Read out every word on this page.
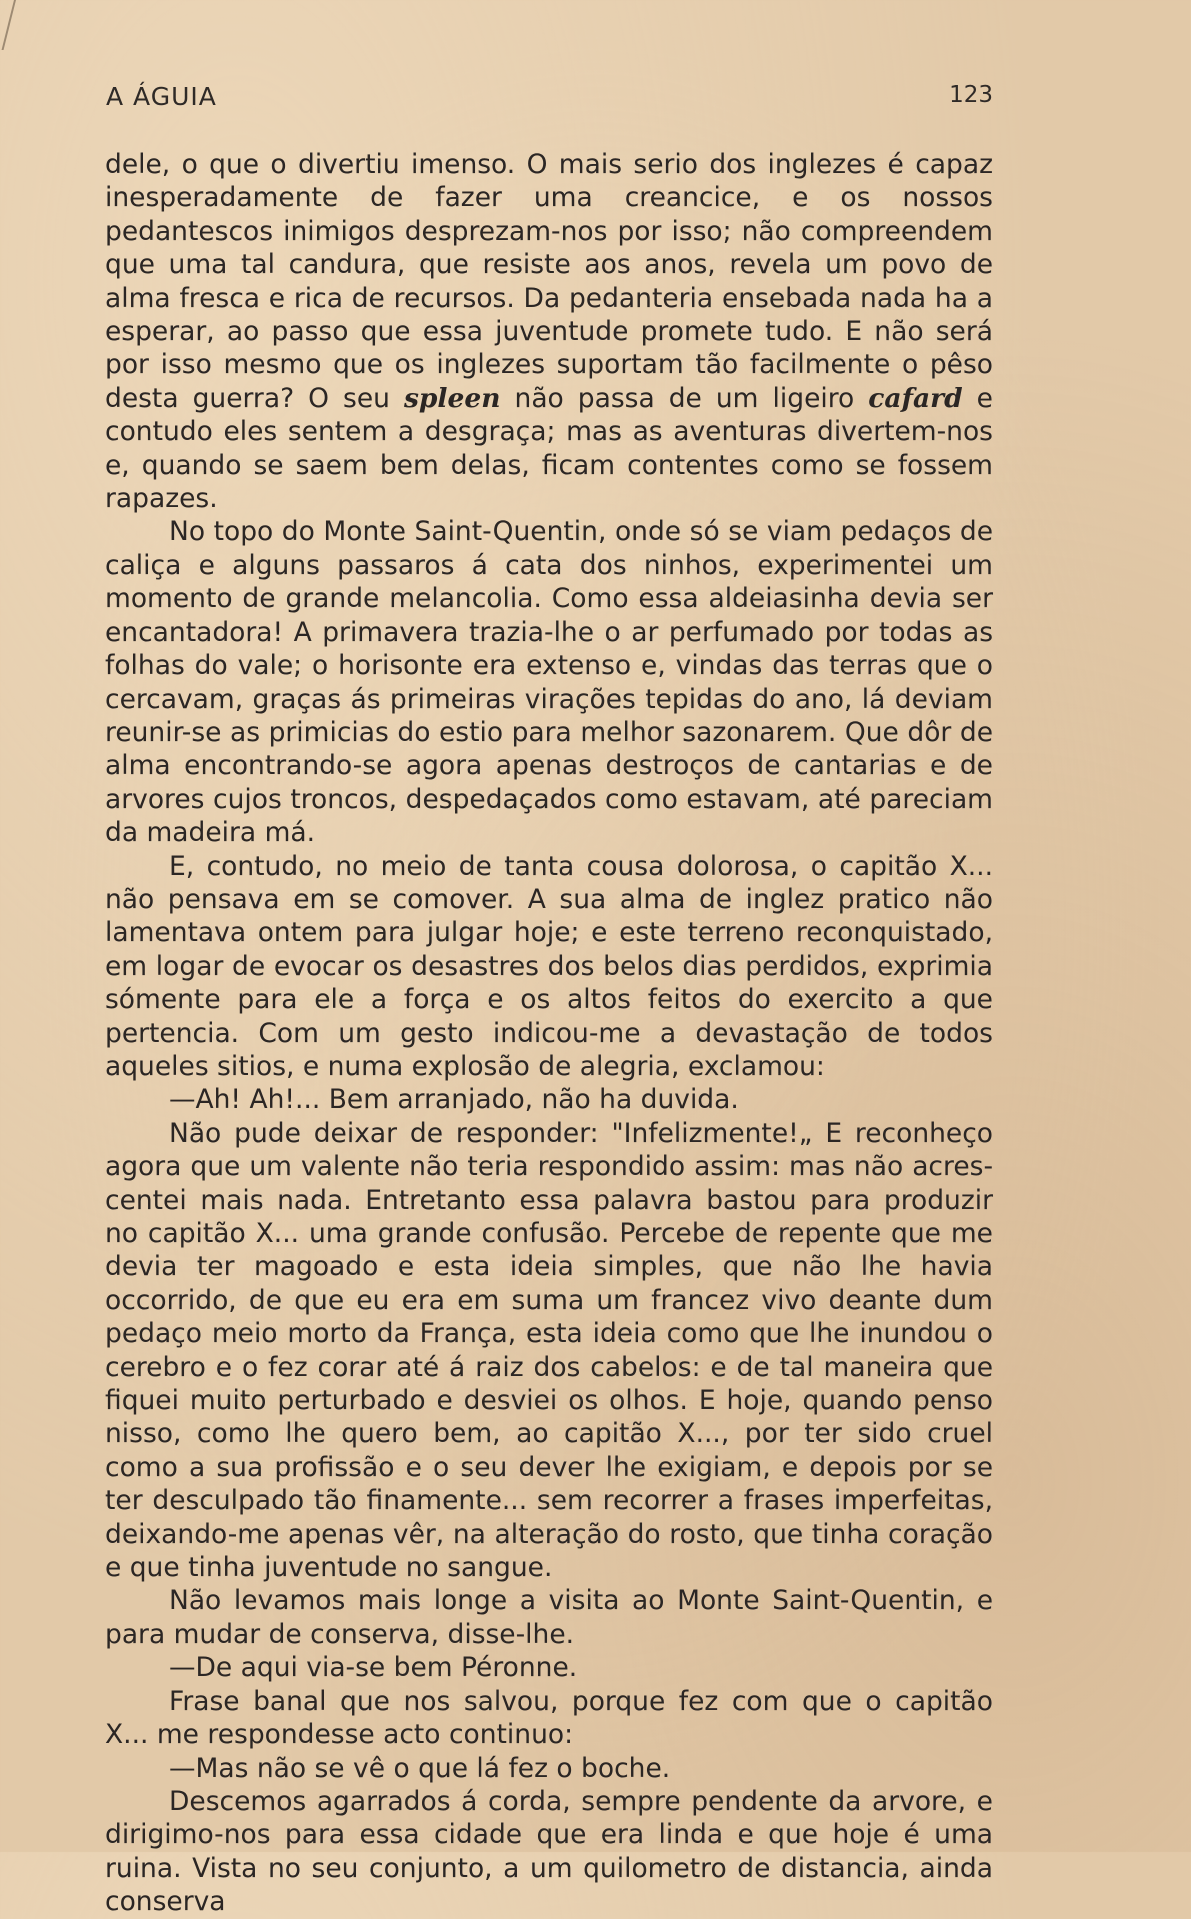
A ÁGUIA	123

dele, o que o divertiu imenso. O mais serio dos inglezes é capaz inesperadamente de fazer uma creancice, e os nossos pedantescos inimigos desprezam-nos por isso; não compreendem que uma tal candura, que resiste aos anos, revela um povo de alma fresca e rica de recursos. Da pedanteria ensebada nada ha a esperar, ao passo que essa juventude promete tudo. E não será por isso mesmo que os inglezes suportam tão facilmente o pêso desta guerra? O seu spleen não passa de um ligeiro cafard e contudo eles sentem a desgraça; mas as aventuras divertem-nos e, quando se saem bem delas, ficam contentes como se fossem rapazes.

No topo do Monte Saint-Quentin, onde só se viam pedaços de caliça e alguns passaros á cata dos ninhos, experimentei um momento de grande melancolia. Como essa aldeiasinha devia ser encantadora! A primavera trazia-lhe o ar perfumado por todas as folhas do vale; o horisonte era extenso e, vindas das terras que o cercavam, graças ás primeiras virações tepidas do ano, lá deviam reunir-se as primicias do estio para melhor sazonarem. Que dôr de alma encontrando-se agora apenas destroços de cantarias e de arvores cujos troncos, despedaçados como estavam, até pareciam da madeira má.

E, contudo, no meio de tanta cousa dolorosa, o capitão X... não pensava em se comover. A sua alma de inglez pratico não lamentava ontem para julgar hoje; e este terreno reconquistado, em logar de evocar os desastres dos belos dias perdidos, exprimia sómente para ele a força e os altos feitos do exercito a que pertencia. Com um gesto indicou-me a devastação de todos aqueles sitios, e numa explosão de alegria, exclamou:

—Ah! Ah!... Bem arranjado, não ha duvida.

Não pude deixar de responder: "Infelizmente!„ E reconheço agora que um valente não teria respondido assim: mas não acrescentei mais nada. Entretanto essa palavra bastou para produzir no capitão X... uma grande confusão. Percebe de repente que me devia ter magoado e esta ideia simples, que não lhe havia occorrido, de que eu era em suma um francez vivo deante dum pedaço meio morto da França, esta ideia como que lhe inundou o cerebro e o fez corar até á raiz dos cabelos: e de tal maneira que fiquei muito perturbado e desviei os olhos. E hoje, quando penso nisso, como lhe quero bem, ao capitão X..., por ter sido cruel como a sua profissão e o seu dever lhe exigiam, e depois por se ter desculpado tão finamente... sem recorrer a frases imperfeitas, deixando-me apenas vêr, na alteração do rosto, que tinha coração e que tinha juventude no sangue.

Não levamos mais longe a visita ao Monte Saint-Quentin, e para mudar de conserva, disse-lhe.

—De aqui via-se bem Péronne.

Frase banal que nos salvou, porque fez com que o capitão X... me respondesse acto continuo:

—Mas não se vê o que lá fez o boche.

Descemos agarrados á corda, sempre pendente da arvore, e dirigimo-nos para essa cidade que era linda e que hoje é uma ruina. Vista no seu conjunto, a um quilometro de distancia, ainda conserva
